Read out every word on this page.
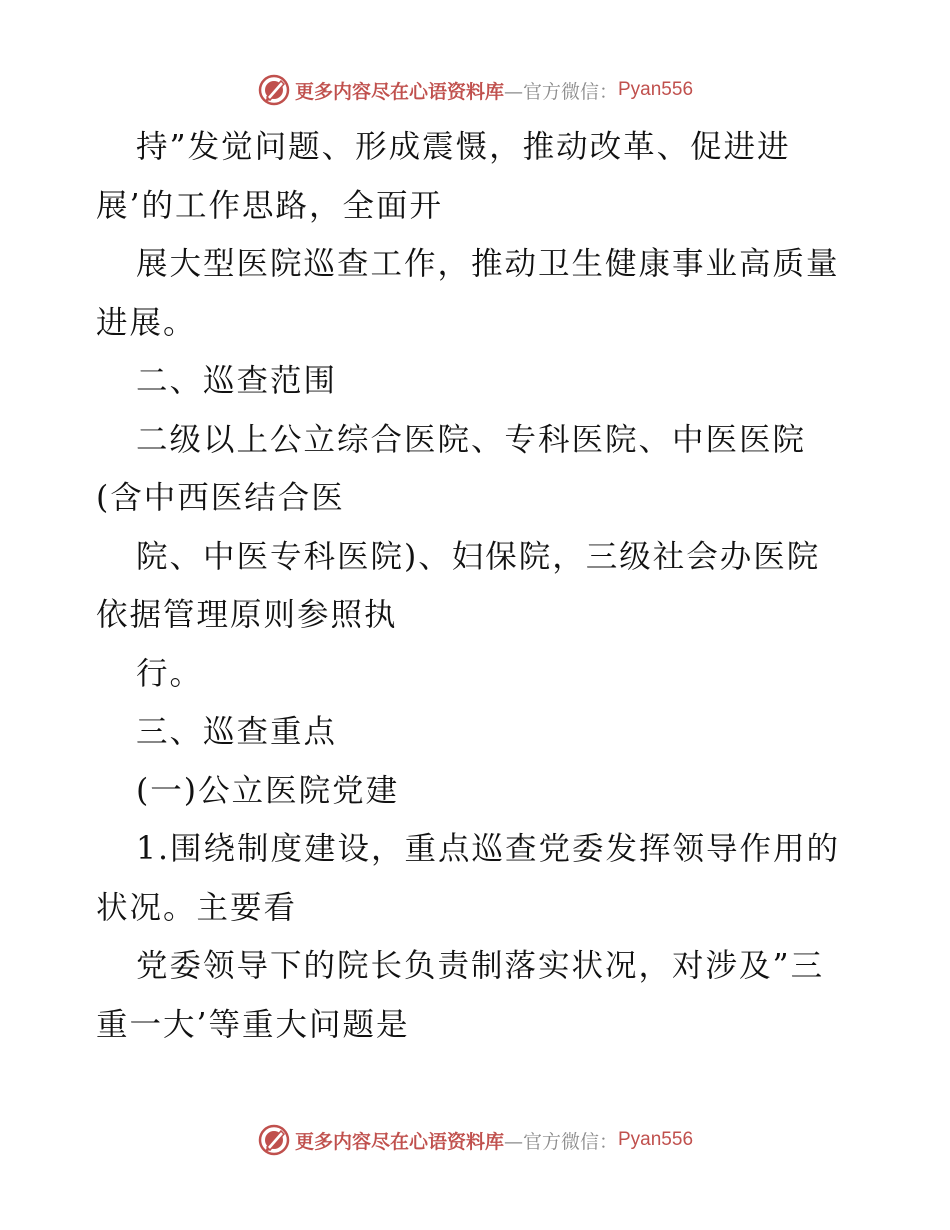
更多内容尽在心语资料库 —官方微信： Pyan556
持”发觉问题、形成震慑，推动改革、促进进
展’的工作思路，全面开
展大型医院巡查工作，推动卫生健康事业高质量
进展。
二、巡查范围
二级以上公立综合医院、专科医院、中医医院
(含中西医结合医
院、中医专科医院)、妇保院，三级社会办医院
依据管理原则参照执
行。
三、巡查重点
(一)公立医院党建
1.围绕制度建设，重点巡查党委发挥领导作用的
状况。主要看
党委领导下的院长负责制落实状况，对涉及”三
重一大’等重大问题是
更多内容尽在心语资料库 —官方微信： Pyan556
